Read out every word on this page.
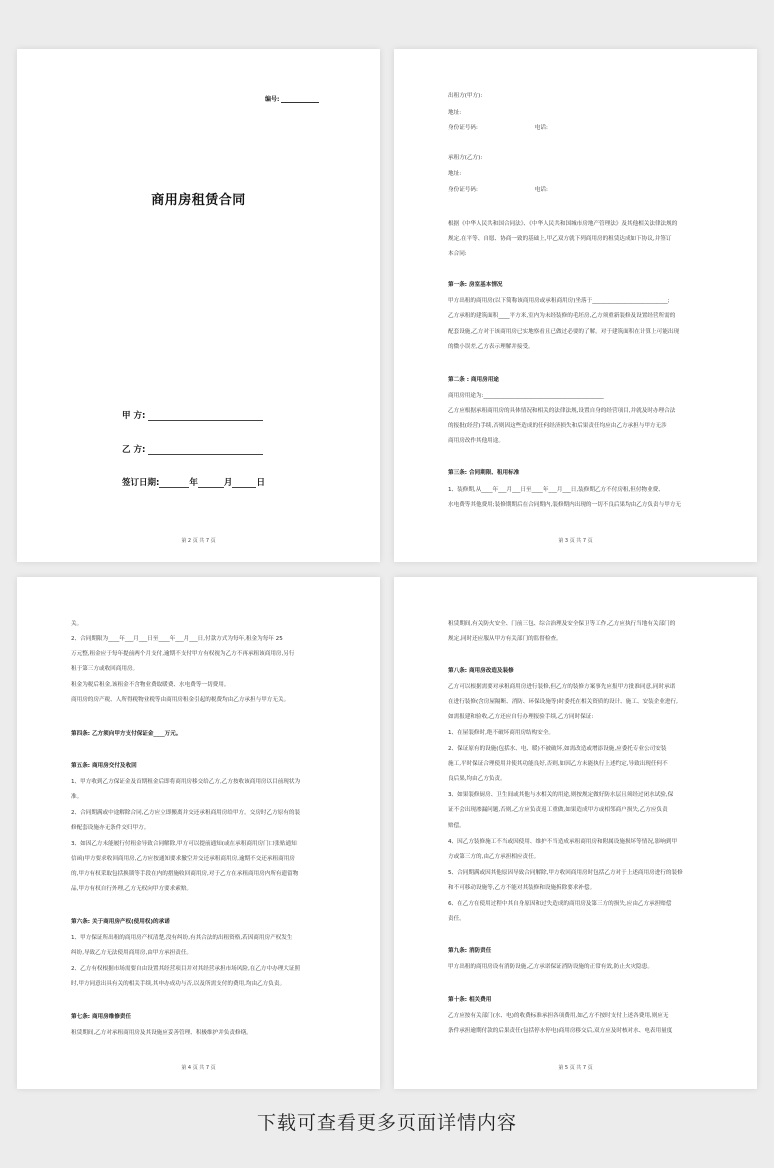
编号:
商用房租赁合同
甲 方:
乙 方:
签订日期:	年	月	日
第 2 页 共 7 页
出租方(甲方):
地址:
身份证号码:                                电话:
承租方(乙方):
地址:
身份证号码:                                电话:
根据《中华人民共和国合同法》、《中华人民共和国城市房地产管理法》及其他相关法律法规的
规定,在平等、自愿、协商一致的基础上,甲乙双方就下列商用房的租赁达成如下协议,并签订
本合同:
第一条: 房室基本情况
甲方出租的商用房(以下简称该商用房或承租商用房)坐落于___________________________;
乙方承租的建筑面积____平方米,室内为未经装修的毛坯房,乙方须重新装修及设置经营所需的
配套设施,乙方对于该商用房已实地察看且已做过必要的了解。对于建筑面积在计算上可能出现
的微小误差,乙方表示理解并接受。
第二条 : 商用房用途
商用房用途为:___________________________________________
乙方应根据承租商用房的具体情况和相关的法律法规,设置自身的经营项目,并就及时办理合法
的报批(经营)手续,否则因这些造成的任何经济损失和后果责任均应由乙方承担与甲方无涉
商用房改作其他用途。
第三条: 合同期限、租用标准
1、装修期,从____年___月___日至____年___月___日,装修期乙方不付房租,但付物业费、
水电费等其他费用;装修期期后在合同期内,装修期内出现的一切不良后果均由乙方负责与甲方无
第 3 页 共 7 页
关。
2、合同期限为____年___月___日至____年___月___日,付款方式为每年,租金为每年 25
万元整,租金应于每年提前两个月支付,逾期不支付甲方有权视为乙方不再承租该商用房,另行
租于第三方或收回商用房。
租金为税后租金,该租金不含物业费取暖费、水电费等一切费用。
商用房的房产税、人所得税物业税等由商用房租金引起的税费均由乙方承担与甲方无关。
第四条: 乙方须向甲方支付保证金____万元。
第五条: 商用房交付及收回
1、甲方收到乙方保证金及首期租金后即将商用房移交给乙方,乙方按收该商用房以目前现状为
准。
2、合同期满或中途解除合同,乙方应立即搬离并交还承租商用房给甲方。交房时乙方原有的装
修配套设施亦无条件交归甲方。
3、如因乙方未能履行付租金导致合同解除,甲方可以提前通知(或在承租商用房门口张贴通知
信函)甲方要求收回商用房,乙方应按通知要求撤空并交还承租商用房,逾期不交还承租商用房
的,甲方有权采取包括换锁等手段在内的措施收回商用房,对于乙方在承租商用房内所有遗留物
品,甲方有权自行外理,乙方无权向甲方要求索赔。
第六条: 关于商用房产权(使用权)的承诺
1、甲方保证所出租的商用房产权清楚,没有纠纷,有其合法的出租资格,若因商用房产权发生
纠纷,导致乙方无法使用商用房,由甲方承担责任。
2、乙方有权根据市场需要自由设置其经营项目并对其经营承担市场风险,在乙方中办理大证照
时,甲方同意出具有关的相关手续,其申办成功与否,以及所需支付的费用,均由乙方负责。
第七条: 商用房维修责任
租赁期间,乙方对承租商用房及其设施应妥善管理、积极维护并负责修缮。
第 4 页 共 7 页
租赁期间,有关防火安全、门前三包、综合治理及安全保卫等工作,乙方应执行当地有关部门的
规定,同时还应服从甲方有关部门的监督检查。
第八条: 商用房改造及装修
乙方可以根据需要对承租商用房进行装修,但乙方的装修方案事先应报甲方批准同意,同时承诺
在进行装修(含房屋隔断、消防、环保设施等)时委托在相关资质的设计、施工、安装企业进行,
如需报建和验收,乙方还应自行办理报验手续,乙方同时保证:
1、在屋装修时,绝不破坏商用房结构安全。
2、保证原有的设施(包括水、电、暖)不被破坏,如需改造或增添设施,应委托专业公司安装
施工,平时保证合理使用并使其功能良好,否则,如因乙方未能执行上述约定,导致出现任何不
良后果,均由乙方负责。
3、如果装修厨房、卫生间或其他与水相关的用途,则按规定做好防水层且须经过闭水试验,保
证不会出现渗漏问题,否则,乙方应负责返工重做,如果造成甲方或相邻商户损失,乙方应负责
赔偿。
4、因乙方装修施工不当或因使用、维护不当造成承租商用房和附属设施损坏等情况,影响到甲
方或第三方的,由乙方承担相应责任。
5、合同期满或因其他原因导致合同解除,甲方收回商用房时包括乙方对于上述商用房进行的装修
和不可移动设施等,乙方不能对其装修和设施拆除要求补偿。
6、在乙方在使用过程中其自身原因和过失造成的商用房及第三方的损失,应由乙方承担赔偿
责任。
第九条: 消防责任
甲方出租的商用房设有消防设施,乙方承诺保证消防设施的正常有效,防止火灾隐患。
第十条: 相关费用
乙方应按有关部门(水、电)的收费标准承担各项费用,如乙方不按时支付上述各费用,则应无
条件承担逾期付款的后果责任(包括停水停电)商用房移交后,双方应及时核对水、电表用量度
第 5 页 共 7 页
下载可查看更多页面详情内容
